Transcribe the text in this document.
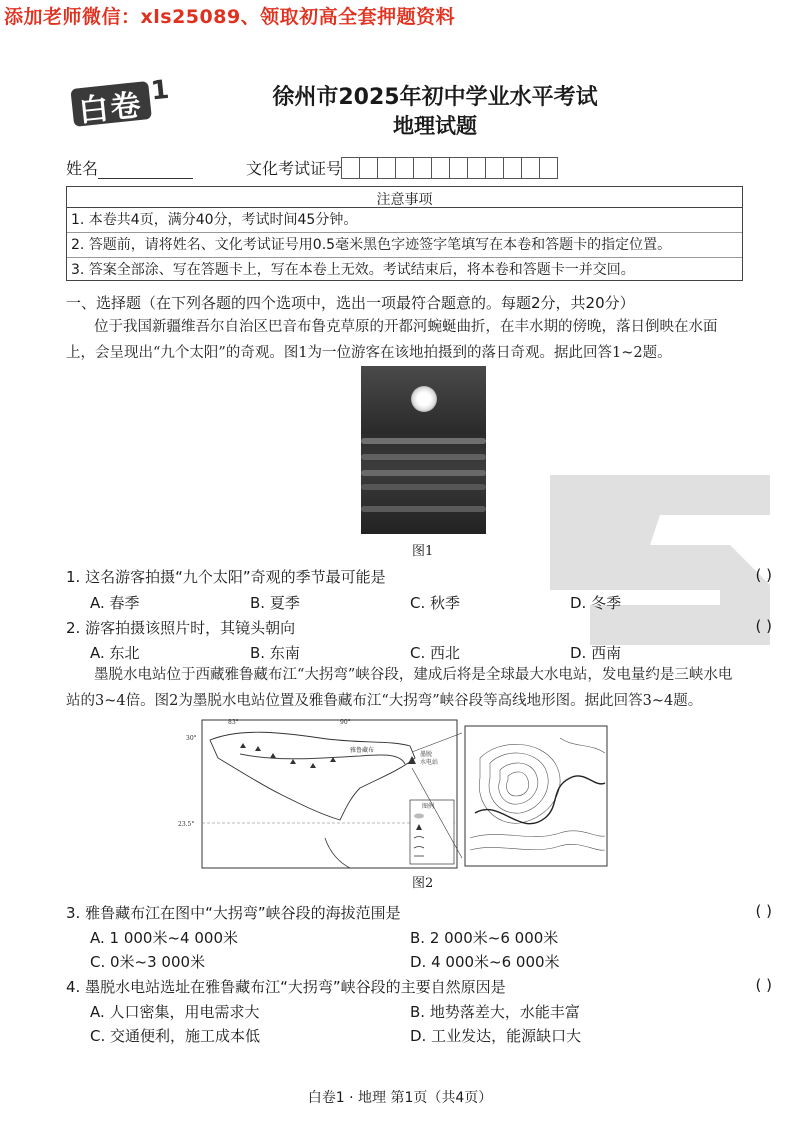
添加老师微信：xls25089、领取初高全套押题资料
白卷 1	徐州市2025年初中学业水平考试
地理试题
姓名	文化考试证号
注意事项
1. 本卷共4页，满分40分，考试时间45分钟。
2. 答题前，请将姓名、文化考试证号用0.5毫米黑色字迹签字笔填写在本卷和答题卡的指定位置。
3. 答案全部涂、写在答题卡上，写在本卷上无效。考试结束后，将本卷和答题卡一并交回。
一、选择题（在下列各题的四个选项中，选出一项最符合题意的。每题2分，共20分）
位于我国新疆维吾尔自治区巴音布鲁克草原的开都河蜿蜒曲折，在丰水期的傍晚，落日倒映在水面
上，会呈现出“九个太阳”的奇观。图1为一位游客在该地拍摄到的落日奇观。据此回答1~2题。
图1
1. 这名游客拍摄“九个太阳”奇观的季节最可能是	( )
A. 春季	B. 夏季	C. 秋季	D. 冬季
2. 游客拍摄该照片时，其镜头朝向	( )
A. 东北	B. 东南	C. 西北	D. 西南
墨脱水电站位于西藏雅鲁藏布江“大拐弯”峡谷段，建成后将是全球最大水电站，发电量约是三峡水电
站的3~4倍。图2为墨脱水电站位置及雅鲁藏布江“大拐弯”峡谷段等高线地形图。据此回答3~4题。
83°	90°
30°
23.5°
雅鲁藏布
墨脱
水电站
图例
图2
3. 雅鲁藏布江在图中“大拐弯”峡谷段的海拔范围是	( )
A. 1 000米~4 000米	B. 2 000米~6 000米
C. 0米~3 000米	D. 4 000米~6 000米
4. 墨脱水电站选址在雅鲁藏布江“大拐弯”峡谷段的主要自然原因是	( )
A. 人口密集，用电需求大	B. 地势落差大，水能丰富
C. 交通便利，施工成本低	D. 工业发达，能源缺口大
白卷1 · 地理 第1页（共4页）
